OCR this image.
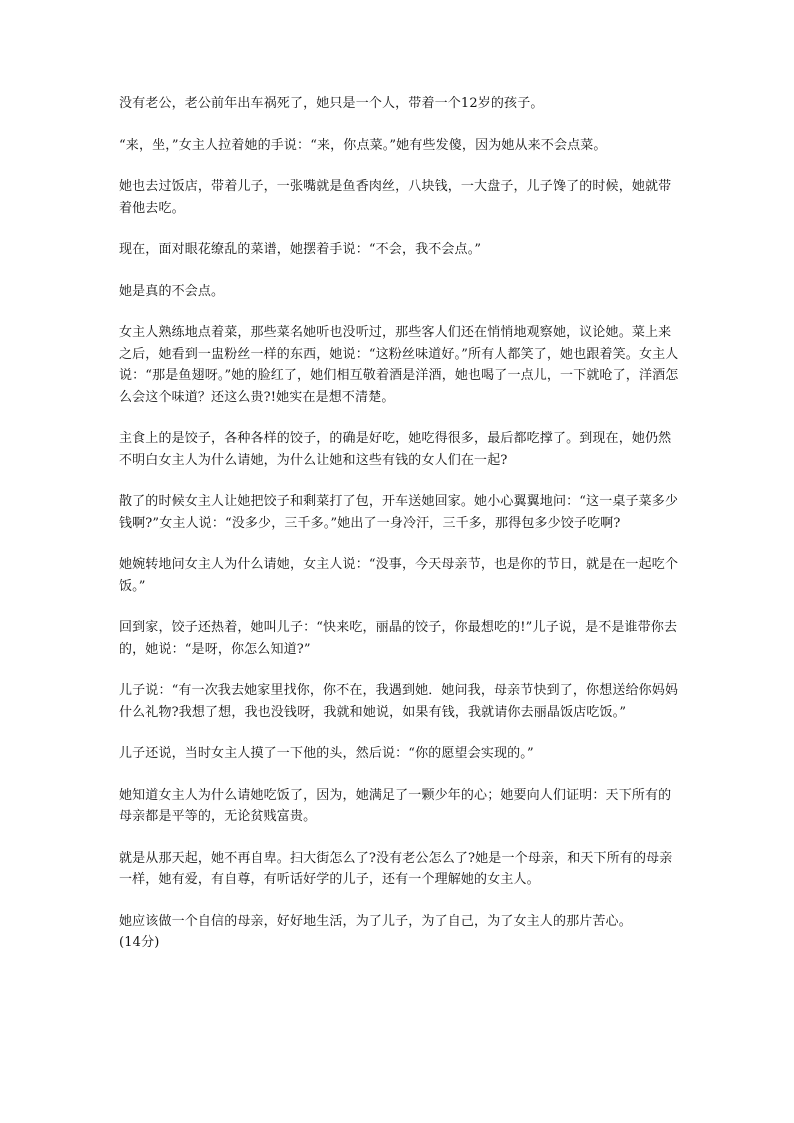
没有老公，老公前年出车祸死了，她只是一个人，带着一个12岁的孩子。

“来，坐，”女主人拉着她的手说：“来，你点菜。”她有些发傻，因为她从来不会点菜。

她也去过饭店，带着儿子，一张嘴就是鱼香肉丝，八块钱，一大盘子，儿子馋了的时候，她就带着他去吃。

现在，面对眼花缭乱的菜谱，她摆着手说：“不会，我不会点。”

她是真的不会点。

女主人熟练地点着菜，那些菜名她听也没听过，那些客人们还在悄悄地观察她，议论她。菜上来之后，她看到一盅粉丝一样的东西，她说：“这粉丝味道好。”所有人都笑了，她也跟着笑。女主人说：“那是鱼翅呀。”她的脸红了，她们相互敬着酒是洋酒，她也喝了一点儿，一下就呛了，洋酒怎么会这个味道？还这么贵?!她实在是想不清楚。

主食上的是饺子，各种各样的饺子，的确是好吃，她吃得很多，最后都吃撑了。到现在，她仍然不明白女主人为什么请她，为什么让她和这些有钱的女人们在一起?

散了的时候女主人让她把饺子和剩菜打了包，开车送她回家。她小心翼翼地问：“这一桌子菜多少钱啊?”女主人说：“没多少，三千多。”她出了一身冷汗，三千多，那得包多少饺子吃啊?

她婉转地问女主人为什么请她，女主人说：“没事，今天母亲节，也是你的节日，就是在一起吃个饭。”

回到家，饺子还热着，她叫儿子：“快来吃，丽晶的饺子，你最想吃的!”儿子说，是不是谁带你去的，她说：“是呀，你怎么知道?”

儿子说：“有一次我去她家里找你，你不在，我遇到她．她问我，母亲节快到了，你想送给你妈妈什么礼物?我想了想，我也没钱呀，我就和她说，如果有钱，我就请你去丽晶饭店吃饭。”

儿子还说，当时女主人摸了一下他的头，然后说：“你的愿望会实现的。”

她知道女主人为什么请她吃饭了，因为，她满足了一颗少年的心；她要向人们证明：天下所有的母亲都是平等的，无论贫贱富贵。

就是从那天起，她不再自卑。扫大街怎么了?没有老公怎么了?她是一个母亲，和天下所有的母亲一样，她有爱，有自尊，有听话好学的儿子，还有一个理解她的女主人。

她应该做一个自信的母亲，好好地生活，为了儿子，为了自己，为了女主人的那片苦心。

(14分)
